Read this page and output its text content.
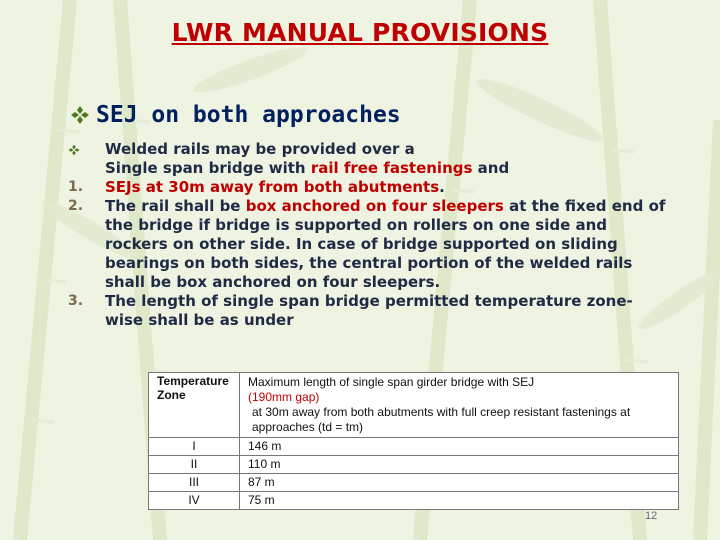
LWR MANUAL PROVISIONS
SEJ on both approaches
Welded rails may be provided over a
Single span bridge with rail free fastenings and
1.	SEJs at 30m away from both abutments.
2.	The rail shall be box anchored on four sleepers at the fixed end of the bridge if bridge is supported on rollers on one side and rockers on other side. In case of bridge supported on sliding bearings on both sides, the central portion of the welded rails shall be box anchored on four sleepers.
3.	The length of single span bridge permitted temperature zone-wise shall be as under
Temperature Zone	Maximum length of single span girder bridge with SEJ
(190mm gap)
at 30m away from both abutments with full creep resistant fastenings at approaches (td = tm)

I	146 m
II	110 m
III	87 m
IV	75 m
12
